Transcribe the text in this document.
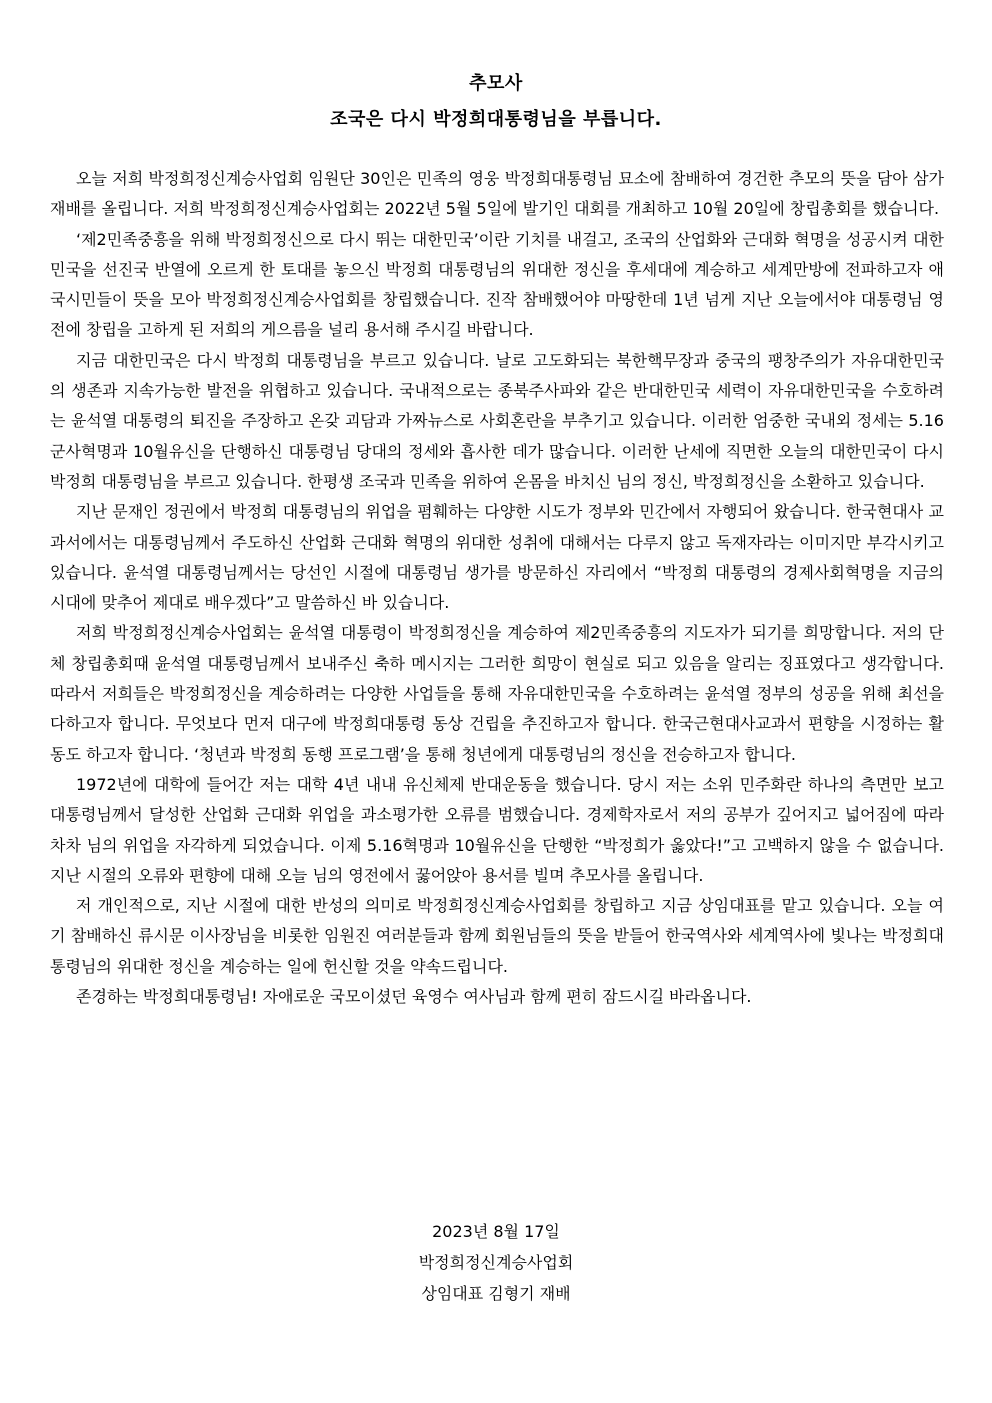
추모사
조국은 다시 박정희대통령님을 부릅니다.

오늘 저희 박정희정신계승사업회 임원단 30인은 민족의 영웅 박정희대통령님 묘소에 참배하여 경건한 추모의 뜻을 담아 삼가 재배를 올립니다. 저희 박정희정신계승사업회는 2022년 5월 5일에 발기인 대회를 개최하고 10월 20일에 창립총회를 했습니다.

‘제2민족중흥을 위해 박정희정신으로 다시 뛰는 대한민국’이란 기치를 내걸고, 조국의 산업화와 근대화 혁명을 성공시켜 대한민국을 선진국 반열에 오르게 한 토대를 놓으신 박정희 대통령님의 위대한 정신을 후세대에 계승하고 세계만방에 전파하고자 애국시민들이 뜻을 모아 박정희정신계승사업회를 창립했습니다. 진작 참배했어야 마땅한데 1년 넘게 지난 오늘에서야 대통령님 영전에 창립을 고하게 된 저희의 게으름을 널리 용서해 주시길 바랍니다.

지금 대한민국은 다시 박정희 대통령님을 부르고 있습니다. 날로 고도화되는 북한핵무장과 중국의 팽창주의가 자유대한민국의 생존과 지속가능한 발전을 위협하고 있습니다. 국내적으로는 종북주사파와 같은 반대한민국 세력이 자유대한민국을 수호하려는 윤석열 대통령의 퇴진을 주장하고 온갖 괴담과 가짜뉴스로 사회혼란을 부추기고 있습니다. 이러한 엄중한 국내외 정세는 5.16군사혁명과 10월유신을 단행하신 대통령님 당대의 정세와 흡사한 데가 많습니다. 이러한 난세에 직면한 오늘의 대한민국이 다시 박정희 대통령님을 부르고 있습니다. 한평생 조국과 민족을 위하여 온몸을 바치신 님의 정신, 박정희정신을 소환하고 있습니다.

지난 문재인 정권에서 박정희 대통령님의 위업을 폄훼하는 다양한 시도가 정부와 민간에서 자행되어 왔습니다. 한국현대사 교과서에서는 대통령님께서 주도하신 산업화 근대화 혁명의 위대한 성취에 대해서는 다루지 않고 독재자라는 이미지만 부각시키고 있습니다. 윤석열 대통령님께서는 당선인 시절에 대통령님 생가를 방문하신 자리에서 “박정희 대통령의 경제사회혁명을 지금의 시대에 맞추어 제대로 배우겠다”고 말씀하신 바 있습니다.

저희 박정희정신계승사업회는 윤석열 대통령이 박정희정신을 계승하여 제2민족중흥의 지도자가 되기를 희망합니다. 저의 단체 창립총회때 윤석열 대통령님께서 보내주신 축하 메시지는 그러한 희망이 현실로 되고 있음을 알리는 징표였다고 생각합니다. 따라서 저희들은 박정희정신을 계승하려는 다양한 사업들을 통해 자유대한민국을 수호하려는 윤석열 정부의 성공을 위해 최선을 다하고자 합니다. 무엇보다 먼저 대구에 박정희대통령 동상 건립을 추진하고자 합니다. 한국근현대사교과서 편향을 시정하는 활동도 하고자 합니다. ‘청년과 박정희 동행 프로그램’을 통해 청년에게 대통령님의 정신을 전승하고자 합니다.

1972년에 대학에 들어간 저는 대학 4년 내내 유신체제 반대운동을 했습니다. 당시 저는 소위 민주화란 하나의 측면만 보고 대통령님께서 달성한 산업화 근대화 위업을 과소평가한 오류를 범했습니다. 경제학자로서 저의 공부가 깊어지고 넓어짐에 따라 차차 님의 위업을 자각하게 되었습니다. 이제 5.16혁명과 10월유신을 단행한 “박정희가 옳았다!”고 고백하지 않을 수 없습니다. 지난 시절의 오류와 편향에 대해 오늘 님의 영전에서 꿇어앉아 용서를 빌며 추모사를 올립니다.

저 개인적으로, 지난 시절에 대한 반성의 의미로 박정희정신계승사업회를 창립하고 지금 상임대표를 맡고 있습니다. 오늘 여기 참배하신 류시문 이사장님을 비롯한 임원진 여러분들과 함께 회원님들의 뜻을 받들어 한국역사와 세계역사에 빛나는 박정희대통령님의 위대한 정신을 계승하는 일에 헌신할 것을 약속드립니다.

존경하는 박정희대통령님! 자애로운 국모이셨던 육영수 여사님과 함께 편히 잠드시길 바라옵니다.

2023년 8월 17일
박정희정신계승사업회
상임대표 김형기 재배
